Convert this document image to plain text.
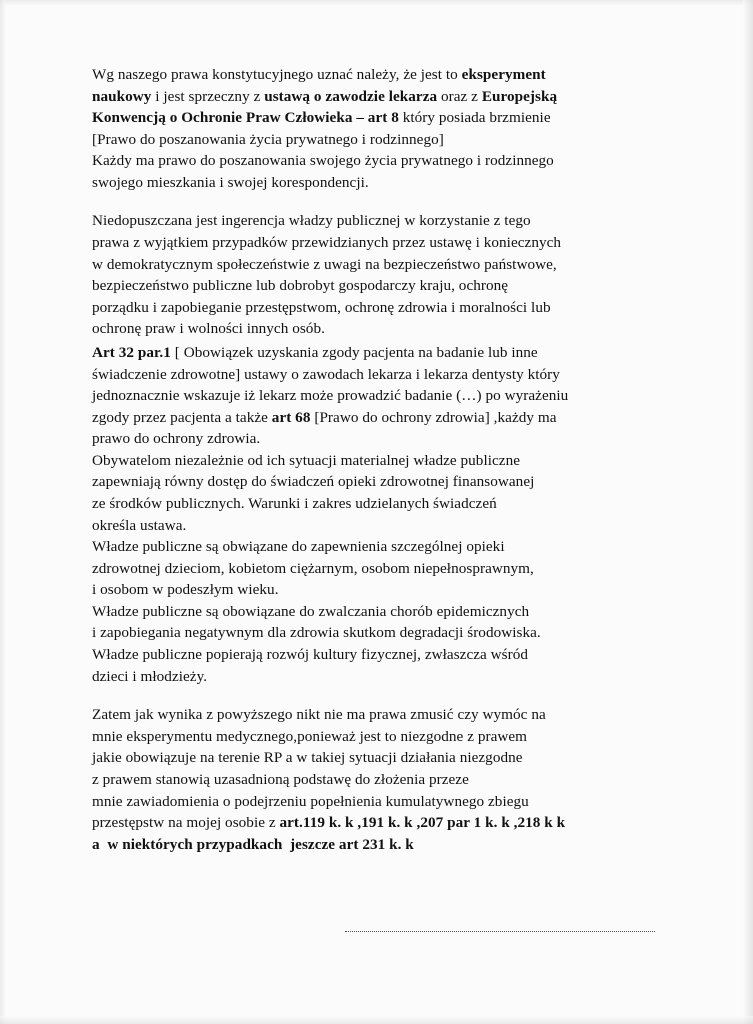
Wg naszego prawa konstytucyjnego uznać należy, że jest to eksperyment
naukowy i jest sprzeczny z ustawą o zawodzie lekarza oraz z Europejską
Konwencją o Ochronie Praw Człowieka – art 8 który posiada brzmienie
[Prawo do poszanowania życia prywatnego i rodzinnego]
Każdy ma prawo do poszanowania swojego życia prywatnego i rodzinnego
swojego mieszkania i swojej korespondencji.

Niedopuszczana jest ingerencja władzy publicznej w korzystanie z tego
prawa z wyjątkiem przypadków przewidzianych przez ustawę i koniecznych
w demokratycznym społeczeństwie z uwagi na bezpieczeństwo państwowe,
bezpieczeństwo publiczne lub dobrobyt gospodarczy kraju, ochronę
porządku i zapobieganie przestępstwom, ochronę zdrowia i moralności lub
ochronę praw i wolności innych osób.

Art 32 par.1 [ Obowiązek uzyskania zgody pacjenta na badanie lub inne
świadczenie zdrowotne] ustawy o zawodach lekarza i lekarza dentysty który
jednoznacznie wskazuje iż lekarz może prowadzić badanie (…) po wyrażeniu
zgody przez pacjenta a także art 68 [Prawo do ochrony zdrowia] ,każdy ma
prawo do ochrony zdrowia.

Obywatelom niezależnie od ich sytuacji materialnej władze publiczne
zapewniają równy dostęp do świadczeń opieki zdrowotnej finansowanej
ze środków publicznych. Warunki i zakres udzielanych świadczeń
określa ustawa.

Władze publiczne są obwiązane do zapewnienia szczególnej opieki
zdrowotnej dzieciom, kobietom ciężarnym, osobom niepełnosprawnym,
i osobom w podeszłym wieku.

Władze publiczne są obowiązane do zwalczania chorób epidemicznych
i zapobiegania negatywnym dla zdrowia skutkom degradacji środowiska.

Władze publiczne popierają rozwój kultury fizycznej, zwłaszcza wśród
dzieci i młodzieży.

Zatem jak wynika z powyższego nikt nie ma prawa zmusić czy wymóc na
mnie eksperymentu medycznego,ponieważ jest to niezgodne z prawem
jakie obowiązuje na terenie RP a w takiej sytuacji działania niezgodne
z prawem stanowią uzasadnioną podstawę do złożenia przeze
mnie zawiadomienia o podejrzeniu popełnienia kumulatywnego zbiegu
przestępstw na mojej osobie z art.119 k. k ,191 k. k ,207 par 1 k. k ,218 k k
a  w niektórych przypadkach  jeszcze art 231 k. k
